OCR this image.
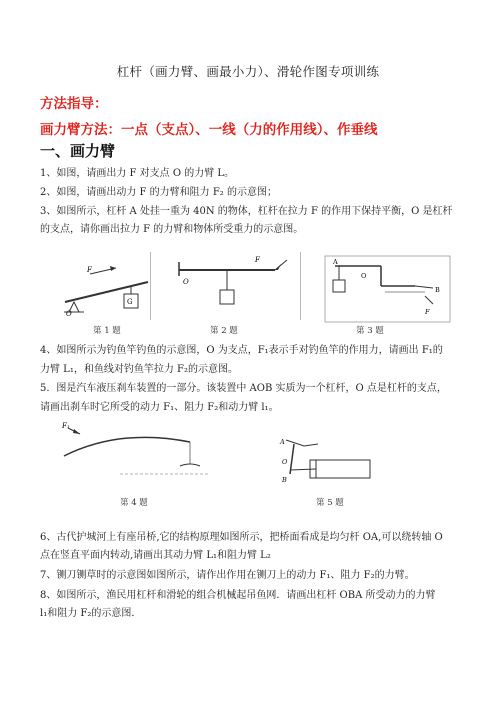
杠杆（画力臂、画最小力）、滑轮作图专项训练
方法指导：
画力臂方法：一点（支点）、一线（力的作用线）、作垂线
一、画力臂
1、如图，请画出力 F 对支点 O 的力臂 L。
2、如图，请画出动力 F 的力臂和阻力 F₂ 的示意图；
3、如图所示，杠杆 A 处挂一重为 40N 的物体，杠杆在拉力 F 的作用下保持平衡，O 是杠杆
的支点，请你画出拉力 F 的力臂和物体所受重力的示意图。
F
O
G
F
O
A
O
B
F
第 1 题	第 2 题	第 3 题
4、如图所示为钓鱼竿钓鱼的示意图，O 为支点，F₁表示手对钓鱼竿的作用力，请画出 F₁的
力臂 L₁，和鱼线对钓鱼竿拉力 F₂的示意图。
5．图是汽车液压刹车装置的一部分。该装置中 AOB 实质为一个杠杆，O 点是杠杆的支点，
请画出刹车时它所受的动力 F₁、阻力 F₂和动力臂 l₁。
F₁
A
O
B
第 4 题	第 5 题
6、古代护城河上有座吊桥,它的结构原理如图所示，把桥面看成是均匀杆 OA,可以绕转轴 O
点在竖直平面内转动,请画出其动力臂 L₁和阻力臂 L₂
7、铡刀铡草时的示意图如图所示，请作出作用在铡刀上的动力 F₁、阻力 F₂的力臂。
8、如图所示，渔民用杠杆和滑轮的组合机械起吊鱼网．请画出杠杆 OBA 所受动力的力臂
l₁和阻力 F₂的示意图．
